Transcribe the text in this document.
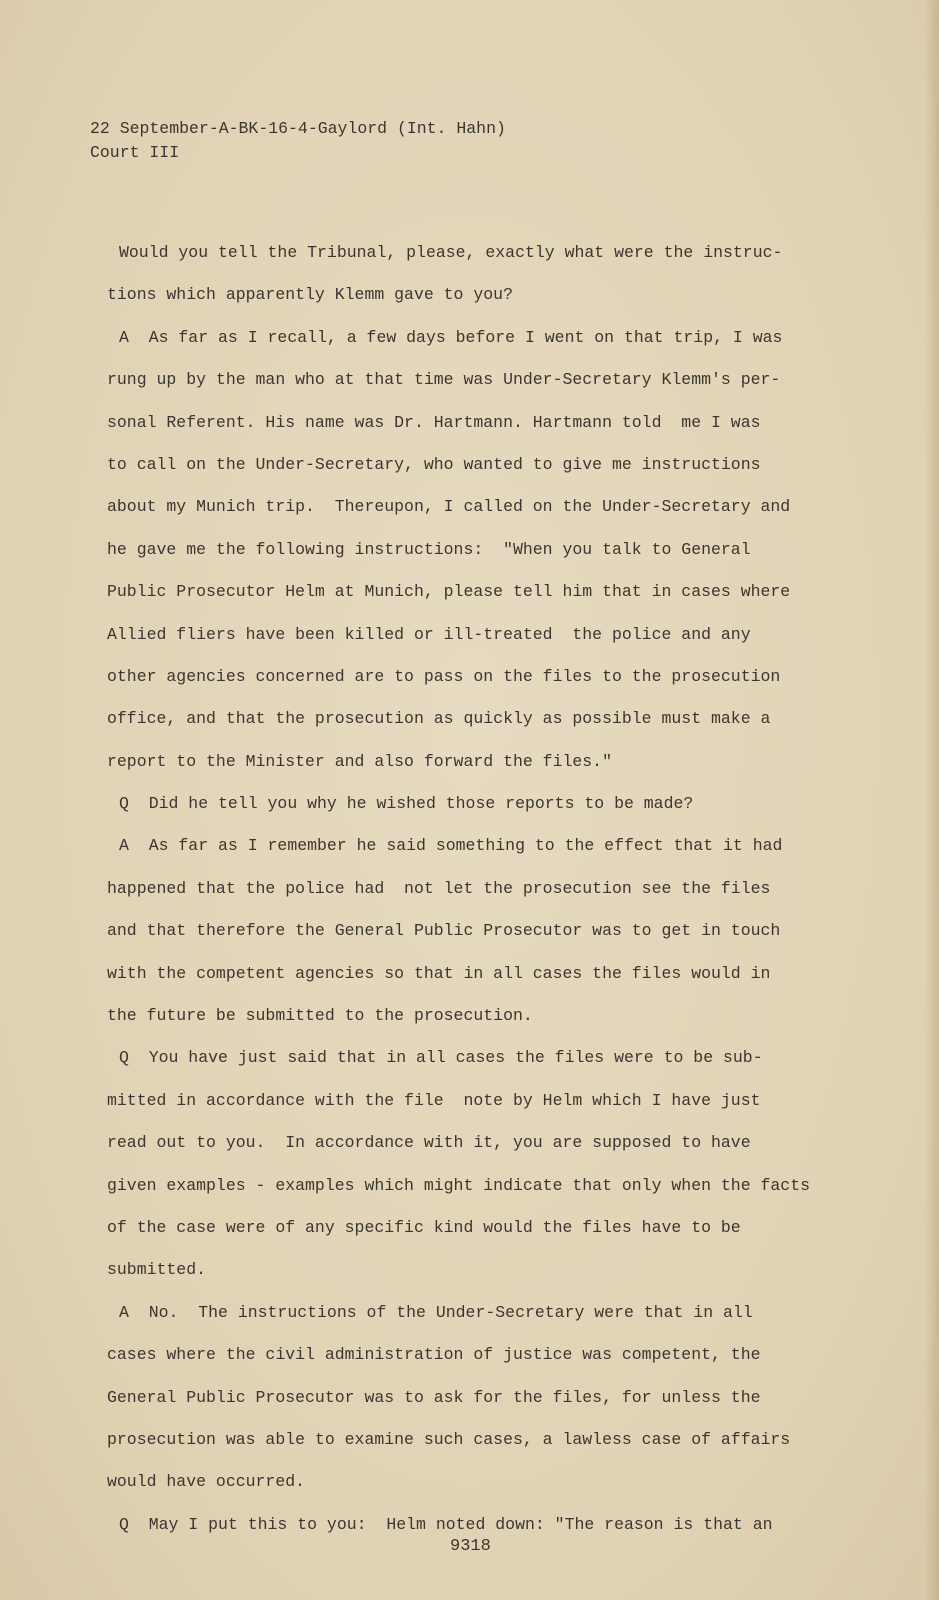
22 September-A-BK-16-4-Gaylord (Int. Hahn)
Court III
Would you tell the Tribunal, please, exactly what were the instruc-
tions which apparently Klemm gave to you?
A  As far as I recall, a few days before I went on that trip, I was
rung up by the man who at that time was Under-Secretary Klemm's per-
sonal Referent. His name was Dr. Hartmann. Hartmann told  me I was
to call on the Under-Secretary, who wanted to give me instructions
about my Munich trip.  Thereupon, I called on the Under-Secretary and
he gave me the following instructions:  "When you talk to General
Public Prosecutor Helm at Munich, please tell him that in cases where
Allied fliers have been killed or ill-treated  the police and any
other agencies concerned are to pass on the files to the prosecution
office, and that the prosecution as quickly as possible must make a
report to the Minister and also forward the files."
Q  Did he tell you why he wished those reports to be made?
A  As far as I remember he said something to the effect that it had
happened that the police had  not let the prosecution see the files
and that therefore the General Public Prosecutor was to get in touch
with the competent agencies so that in all cases the files would in
the future be submitted to the prosecution.
Q  You have just said that in all cases the files were to be sub-
mitted in accordance with the file  note by Helm which I have just
read out to you.  In accordance with it, you are supposed to have
given examples - examples which might indicate that only when the facts
of the case were of any specific kind would the files have to be
submitted.
A  No.  The instructions of the Under-Secretary were that in all
cases where the civil administration of justice was competent, the
General Public Prosecutor was to ask for the files, for unless the
prosecution was able to examine such cases, a lawless case of affairs
would have occurred.
Q  May I put this to you:  Helm noted down: "The reason is that an
9318
